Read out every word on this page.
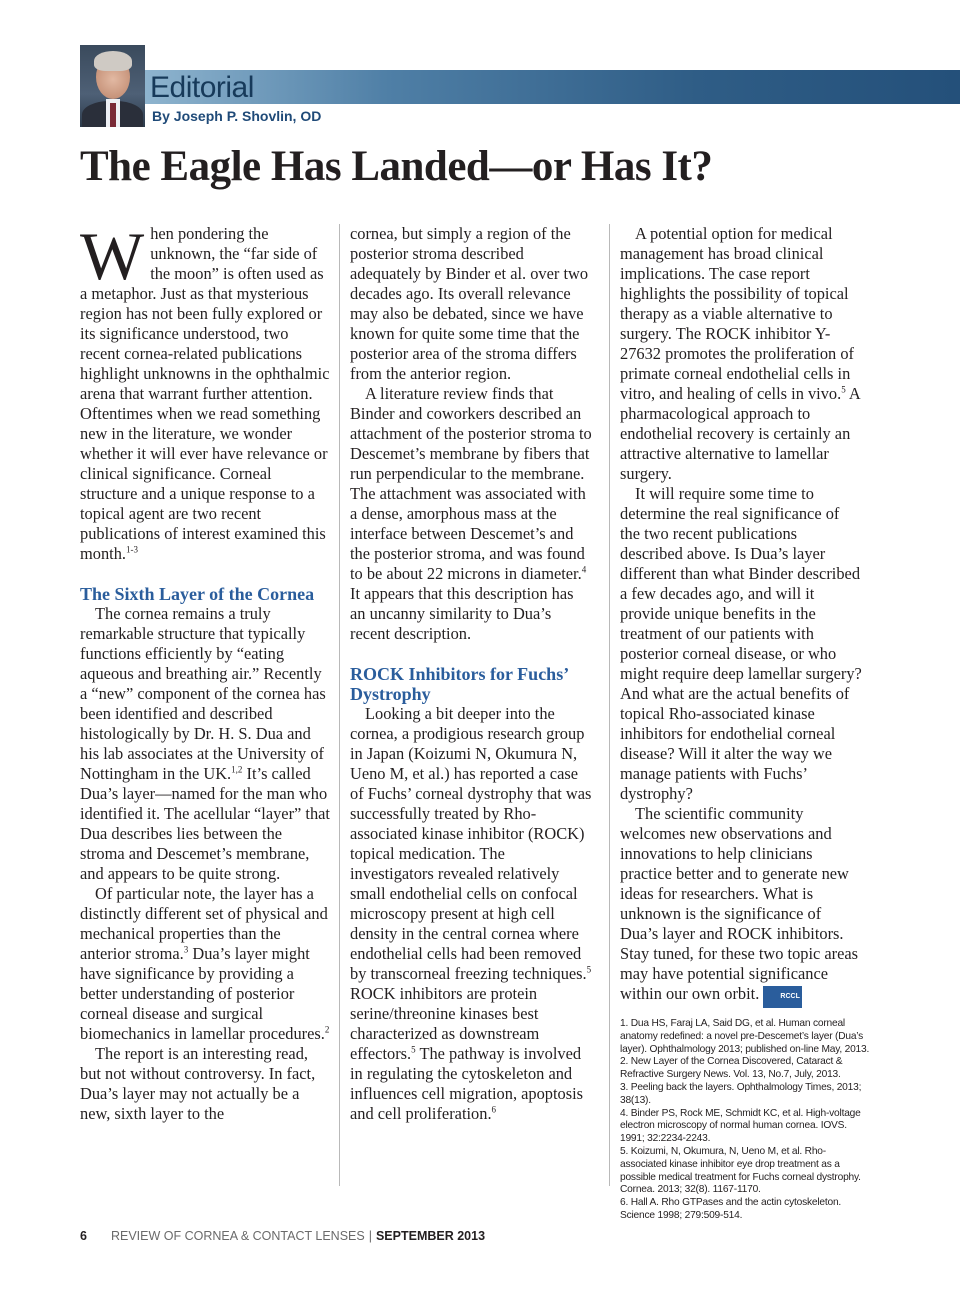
Editorial
By Joseph P. Shovlin, OD
The Eagle Has Landed—or Has It?

When pondering the unknown, the “far side of the moon” is often used as a metaphor. Just as that mysterious region has not been fully explored or its significance understood, two recent cornea-related publications highlight unknowns in the ophthalmic arena that warrant further attention. Oftentimes when we read something new in the literature, we wonder whether it will ever have relevance or clinical significance. Corneal structure and a unique response to a topical agent are two recent publications of interest examined this month.$^{1-3}$

The Sixth Layer of the Cornea

The cornea remains a truly remarkable structure that typically functions efficiently by “eating aqueous and breathing air.” Recently a “new” component of the cornea has been identified and described histologically by Dr. H. S. Dua and his lab associates at the University of Nottingham in the UK.$^{1,2}$ It’s called Dua’s layer—named for the man who identified it. The acellular “layer” that Dua describes lies between the stroma and Descemet’s membrane, and appears to be quite strong.

Of particular note, the layer has a distinctly different set of physical and mechanical properties than the anterior stroma.$^3$ Dua’s layer might have significance by providing a better understanding of posterior corneal disease and surgical biomechanics in lamellar procedures.$^2$

The report is an interesting read, but not without controversy. In fact, Dua’s layer may not actually be a new, sixth layer to the

cornea, but simply a region of the posterior stroma described adequately by Binder et al. over two decades ago. Its overall relevance may also be debated, since we have known for quite some time that the posterior area of the stroma differs from the anterior region.

A literature review finds that Binder and coworkers described an attachment of the posterior stroma to Descemet’s membrane by fibers that run perpendicular to the membrane. The attachment was associated with a dense, amorphous mass at the interface between Descemet’s and the posterior stroma, and was found to be about 22 microns in diameter.$^4$ It appears that this description has an uncanny similarity to Dua’s recent description.

ROCK Inhibitors for Fuchs’ Dystrophy

Looking a bit deeper into the cornea, a prodigious research group in Japan (Koizumi N, Okumura N, Ueno M, et al.) has reported a case of Fuchs’ corneal dystrophy that was successfully treated by Rho-associated kinase inhibitor (ROCK) topical medication. The investigators revealed relatively small endothelial cells on confocal microscopy present at high cell density in the central cornea where endothelial cells had been removed by transcorneal freezing techniques.$^5$ ROCK inhibitors are protein serine/threonine kinases best characterized as downstream effectors.$^5$ The pathway is involved in regulating the cytoskeleton and influences cell migration, apoptosis and cell proliferation.$^6$

A potential option for medical management has broad clinical implications. The case report highlights the possibility of topical therapy as a viable alternative to surgery. The ROCK inhibitor Y-27632 promotes the proliferation of primate corneal endothelial cells in vitro, and healing of cells in vivo.$^5$ A pharmacological approach to endothelial recovery is certainly an attractive alternative to lamellar surgery.

It will require some time to determine the real significance of the two recent publications described above. Is Dua’s layer different than what Binder described a few decades ago, and will it provide unique benefits in the treatment of our patients with posterior corneal disease, or who might require deep lamellar surgery? And what are the actual benefits of topical Rho-associated kinase inhibitors for endothelial corneal disease? Will it alter the way we manage patients with Fuchs’ dystrophy?

The scientific community welcomes new observations and innovations to help clinicians practice better and to generate new ideas for researchers. What is unknown is the significance of Dua’s layer and ROCK inhibitors. Stay tuned, for these two topic areas may have potential significance within our own orbit.	RCCL

1. Dua HS, Faraj LA, Said DG, et al. Human corneal anatomy redefined: a novel pre-Descemet’s layer (Dua’s layer). Ophthalmology 2013; published on-line May, 2013.
2. New Layer of the Cornea Discovered, Cataract & Refractive Surgery News. Vol. 13, No.7, July, 2013.
3. Peeling back the layers. Ophthalmology Times, 2013; 38(13).
4. Binder PS, Rock ME, Schmidt KC, et al. High-voltage electron microscopy of normal human cornea. IOVS. 1991; 32:2234-2243.
5. Koizumi, N, Okumura, N, Ueno M, et al. Rho-associated kinase inhibitor eye drop treatment as a possible medical treatment for Fuchs corneal dystrophy. Cornea. 2013; 32(8). 1167-1170.
6. Hall A. Rho GTPases and the actin cytoskeleton. Science 1998; 279:509-514.
6 REVIEW OF CORNEA & CONTACT LENSES | SEPTEMBER 2013
